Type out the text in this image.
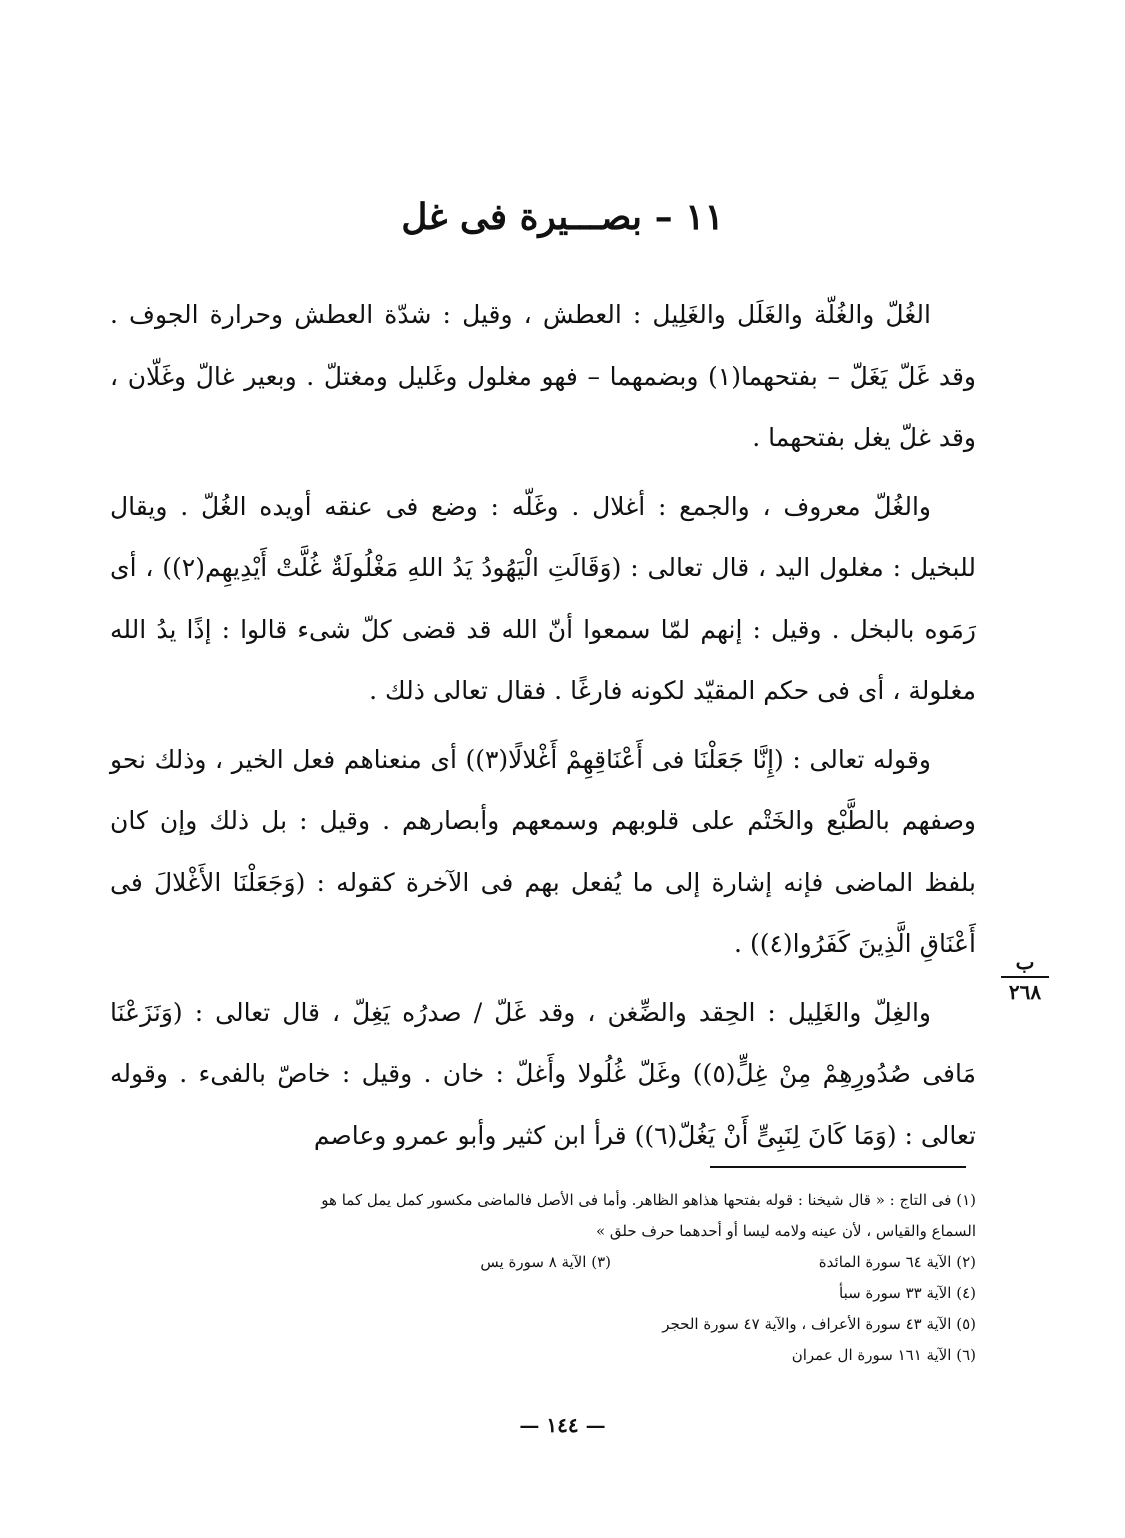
١١ – بصـــيرة فى غل

الغُلّ والغُلّة والغَلَل والغَلِيل : العطش ، وقيل : شدّة العطش وحرارة الجوف . وقد غَلّ يَغَلّ – بفتحهما(١) وبضمهما – فهو مغلول وغَليل ومغتلّ . وبعير غالّ وغَلّان ، وقد غلّ يغل بفتحهما .

والغُلّ معروف ، والجمع : أغلال . وغَلّه : وضع فى عنقه أويده الغُلّ . ويقال للبخيل : مغلول اليد ، قال تعالى : (وَقَالَتِ الْيَهُودُ يَدُ اللهِ مَغْلُولَةٌ غُلَّتْ أَيْدِيهِم(٢)) ، أى رَمَوه بالبخل . وقيل : إنهم لمّا سمعوا أنّ الله قد قضى كلّ شىء قالوا : إذًا يدُ الله مغلولة ، أى فى حكم المقيّد لكونه فارغًا . فقال تعالى ذلك .

وقوله تعالى : (إِنَّا جَعَلْنَا فى أَعْنَاقِهِمْ أَغْلالًا(٣)) أى منعناهم فعل الخير ، وذلك نحو وصفهم بالطَّبْع والخَتْم على قلوبهم وسمعهم وأبصارهم . وقيل : بل ذلك وإن كان بلفظ الماضى فإنه إشارة إلى ما يُفعل بهم فى الآخرة كقوله : (وَجَعَلْنَا الأَغْلالَ فى أَعْنَاقِ الَّذِينَ كَفَرُوا(٤)) .

والغِلّ والغَلِيل : الحِقد والضِّغن ، وقد غَلّ / صدرُه يَغِلّ ، قال تعالى : (وَنَزَعْنَا مَافى صُدُورِهِمْ مِنْ غِلٍّ(٥)) وغَلّ غُلُولا وأَغلّ : خان . وقيل : خاصّ بالفىء . وقوله تعالى : (وَمَا كَانَ لِنَبِىٍّ أَنْ يَغُلّ(٦)) قرأ ابن كثير وأبو عمرو وعاصم

ب
٢٦٨
(١) فى التاج : « قال شيخنا : قوله بفتحها هذاهو الظاهر. وأما فى الأصل فالماضى مكسور كمل يمل كما هو
السماع والقياس ، لأن عينه ولامه ليسا أو أحدهما حرف حلق »
(٢) الآية ٦٤ سورة المائدة
(٣) الآية ٨ سورة يس
(٤) الآية ٣٣ سورة سبأ
(٥) الآية ٤٣ سورة الأعراف ، والآية ٤٧ سورة الحجر
(٦) الآية ١٦١ سورة ال عمران
— ١٤٤ —
